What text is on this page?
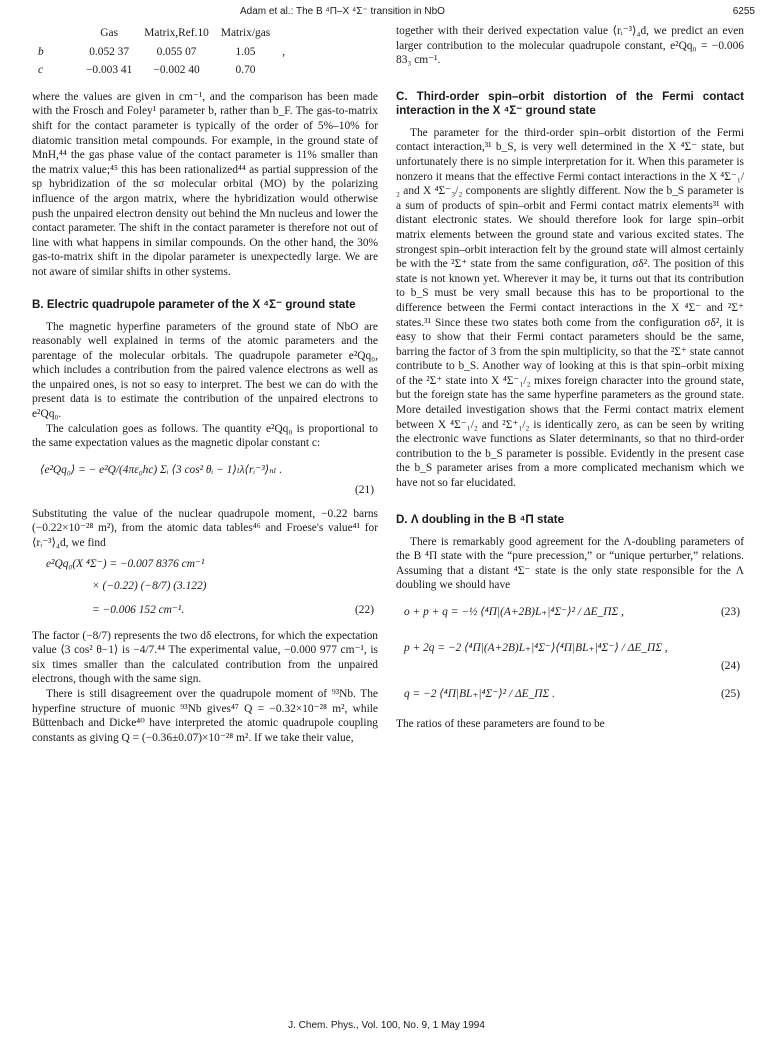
Adam et al.: The B ⁴Π–X ⁴Σ⁻ transition in NbO	6255
	Gas	Matrix,Ref.10	Matrix/gas	
b	0.052 37	0.055 07	1.05	,
c	−0.003 41	−0.002 40	0.70	

where the values are given in cm⁻¹, and the comparison has been made with the Frosch and Foley¹ parameter b, rather than b_F. The gas-to-matrix shift for the contact parameter is typically of the order of 5%–10% for diatomic transition metal compounds. For example, in the ground state of MnH,⁴⁴ the gas phase value of the contact parameter is 11% smaller than the matrix value;⁴⁵ this has been rationalized⁴⁴ as partial suppression of the sp hybridization of the sσ molecular orbital (MO) by the polarizing influence of the argon matrix, where the hybridization would otherwise push the unpaired electron density out behind the Mn nucleus and lower the contact parameter. The shift in the contact parameter is therefore not out of line with what happens in similar compounds. On the other hand, the 30% gas-to-matrix shift in the dipolar parameter is unexpectedly large. We are not aware of similar shifts in other systems.

B. Electric quadrupole parameter of the X ⁴Σ⁻ ground state

The magnetic hyperfine parameters of the ground state of NbO are reasonably well explained in terms of the atomic parameters and the parentage of the molecular orbitals. The quadrupole parameter e²Qq₀, which includes a contribution from the paired valence electrons as well as the unpaired ones, is not so easy to interpret. The best we can do with the present data is to estimate the contribution of the unpaired electrons to e²Qq₀.

The calculation goes as follows. The quantity e²Qq₀ is proportional to the same expectation values as the magnetic dipolar constant c:

⟨e²Qq₀⟩ = − e²Q/(4πε₀hc) Σᵢ ⟨3 cos² θᵢ − 1⟩ₗλ⟨rᵢ⁻³⟩ₙₗ .
(21)

Substituting the value of the nuclear quadrupole moment, −0.22 barns (−0.22×10⁻²⁸ m²), from the atomic data tables⁴⁶ and Froese's value⁴¹ for ⟨rᵢ⁻³⟩₄d, we find

e²Qq₀(X ⁴Σ⁻) = −0.007 8376 cm⁻¹
× (−0.22) (−8/7) (3.122)
= −0.006 152 cm⁻¹.	(22)

The factor (−8/7) represents the two dδ electrons, for which the expectation value ⟨3 cos² θ−1⟩ is −4/7.⁴⁴ The experimental value, −0.000 977 cm⁻¹, is six times smaller than the calculated contribution from the unpaired electrons, though with the same sign.

There is still disagreement over the quadrupole moment of ⁹³Nb. The hyperfine structure of muonic ⁹³Nb gives⁴⁷ Q = −0.32×10⁻²⁸ m², while Büttenbach and Dicke⁴⁰ have interpreted the atomic quadrupole coupling constants as giving Q = (−0.36±0.07)×10⁻²⁸ m². If we take their value,

together with their derived expectation value ⟨rᵢ⁻³⟩₄d, we predict an even larger contribution to the molecular quadrupole constant, e²Qq₀ = −0.006 83₃ cm⁻¹.

C. Third-order spin–orbit distortion of the Fermi contact interaction in the X ⁴Σ⁻ ground state

The parameter for the third-order spin–orbit distortion of the Fermi contact interaction,³¹ b_S, is very well determined in the X ⁴Σ⁻ state, but unfortunately there is no simple interpretation for it. When this parameter is nonzero it means that the effective Fermi contact interactions in the X ⁴Σ⁻₁/₂ and X ⁴Σ⁻₃/₂ components are slightly different. Now the b_S parameter is a sum of products of spin–orbit and Fermi contact matrix elements³¹ with distant electronic states. We should therefore look for large spin–orbit matrix elements between the ground state and various excited states. The strongest spin–orbit interaction felt by the ground state will almost certainly be with the ²Σ⁺ state from the same configuration, σδ². The position of this state is not known yet. Wherever it may be, it turns out that its contribution to b_S must be very small because this has to be proportional to the difference between the Fermi contact interactions in the X ⁴Σ⁻ and ²Σ⁺ states.³¹ Since these two states both come from the configuration σδ², it is easy to show that their Fermi contact parameters should be the same, barring the factor of 3 from the spin multiplicity, so that the ²Σ⁺ state cannot contribute to b_S. Another way of looking at this is that spin–orbit mixing of the ²Σ⁺ state into X ⁴Σ⁻₁/₂ mixes foreign character into the ground state, but the foreign state has the same hyperfine parameters as the ground state. More detailed investigation shows that the Fermi contact matrix element between X ⁴Σ⁻₁/₂ and ²Σ⁺₁/₂ is identically zero, as can be seen by writing the electronic wave functions as Slater determinants, so that no third-order contribution to the b_S parameter is possible. Evidently in the present case the b_S parameter arises from a more complicated mechanism which we have not so far elucidated.

D. Λ doubling in the B ⁴Π state

There is remarkably good agreement for the Λ-doubling parameters of the B ⁴Π state with the “pure precession,” or “unique perturber,” relations. Assuming that a distant ⁴Σ⁻ state is the only state responsible for the Λ doubling we should have

o + p + q = −½ ⟨⁴Π|(A+2B)L₊|⁴Σ⁻⟩² / ΔE_ΠΣ ,	(23)
p + 2q = −2 ⟨⁴Π|(A+2B)L₊|⁴Σ⁻⟩⟨⁴Π|BL₊|⁴Σ⁻⟩ / ΔE_ΠΣ ,
(24)
q = −2 ⟨⁴Π|BL₊|⁴Σ⁻⟩² / ΔE_ΠΣ .	(25)

The ratios of these parameters are found to be

J. Chem. Phys., Vol. 100, No. 9, 1 May 1994
